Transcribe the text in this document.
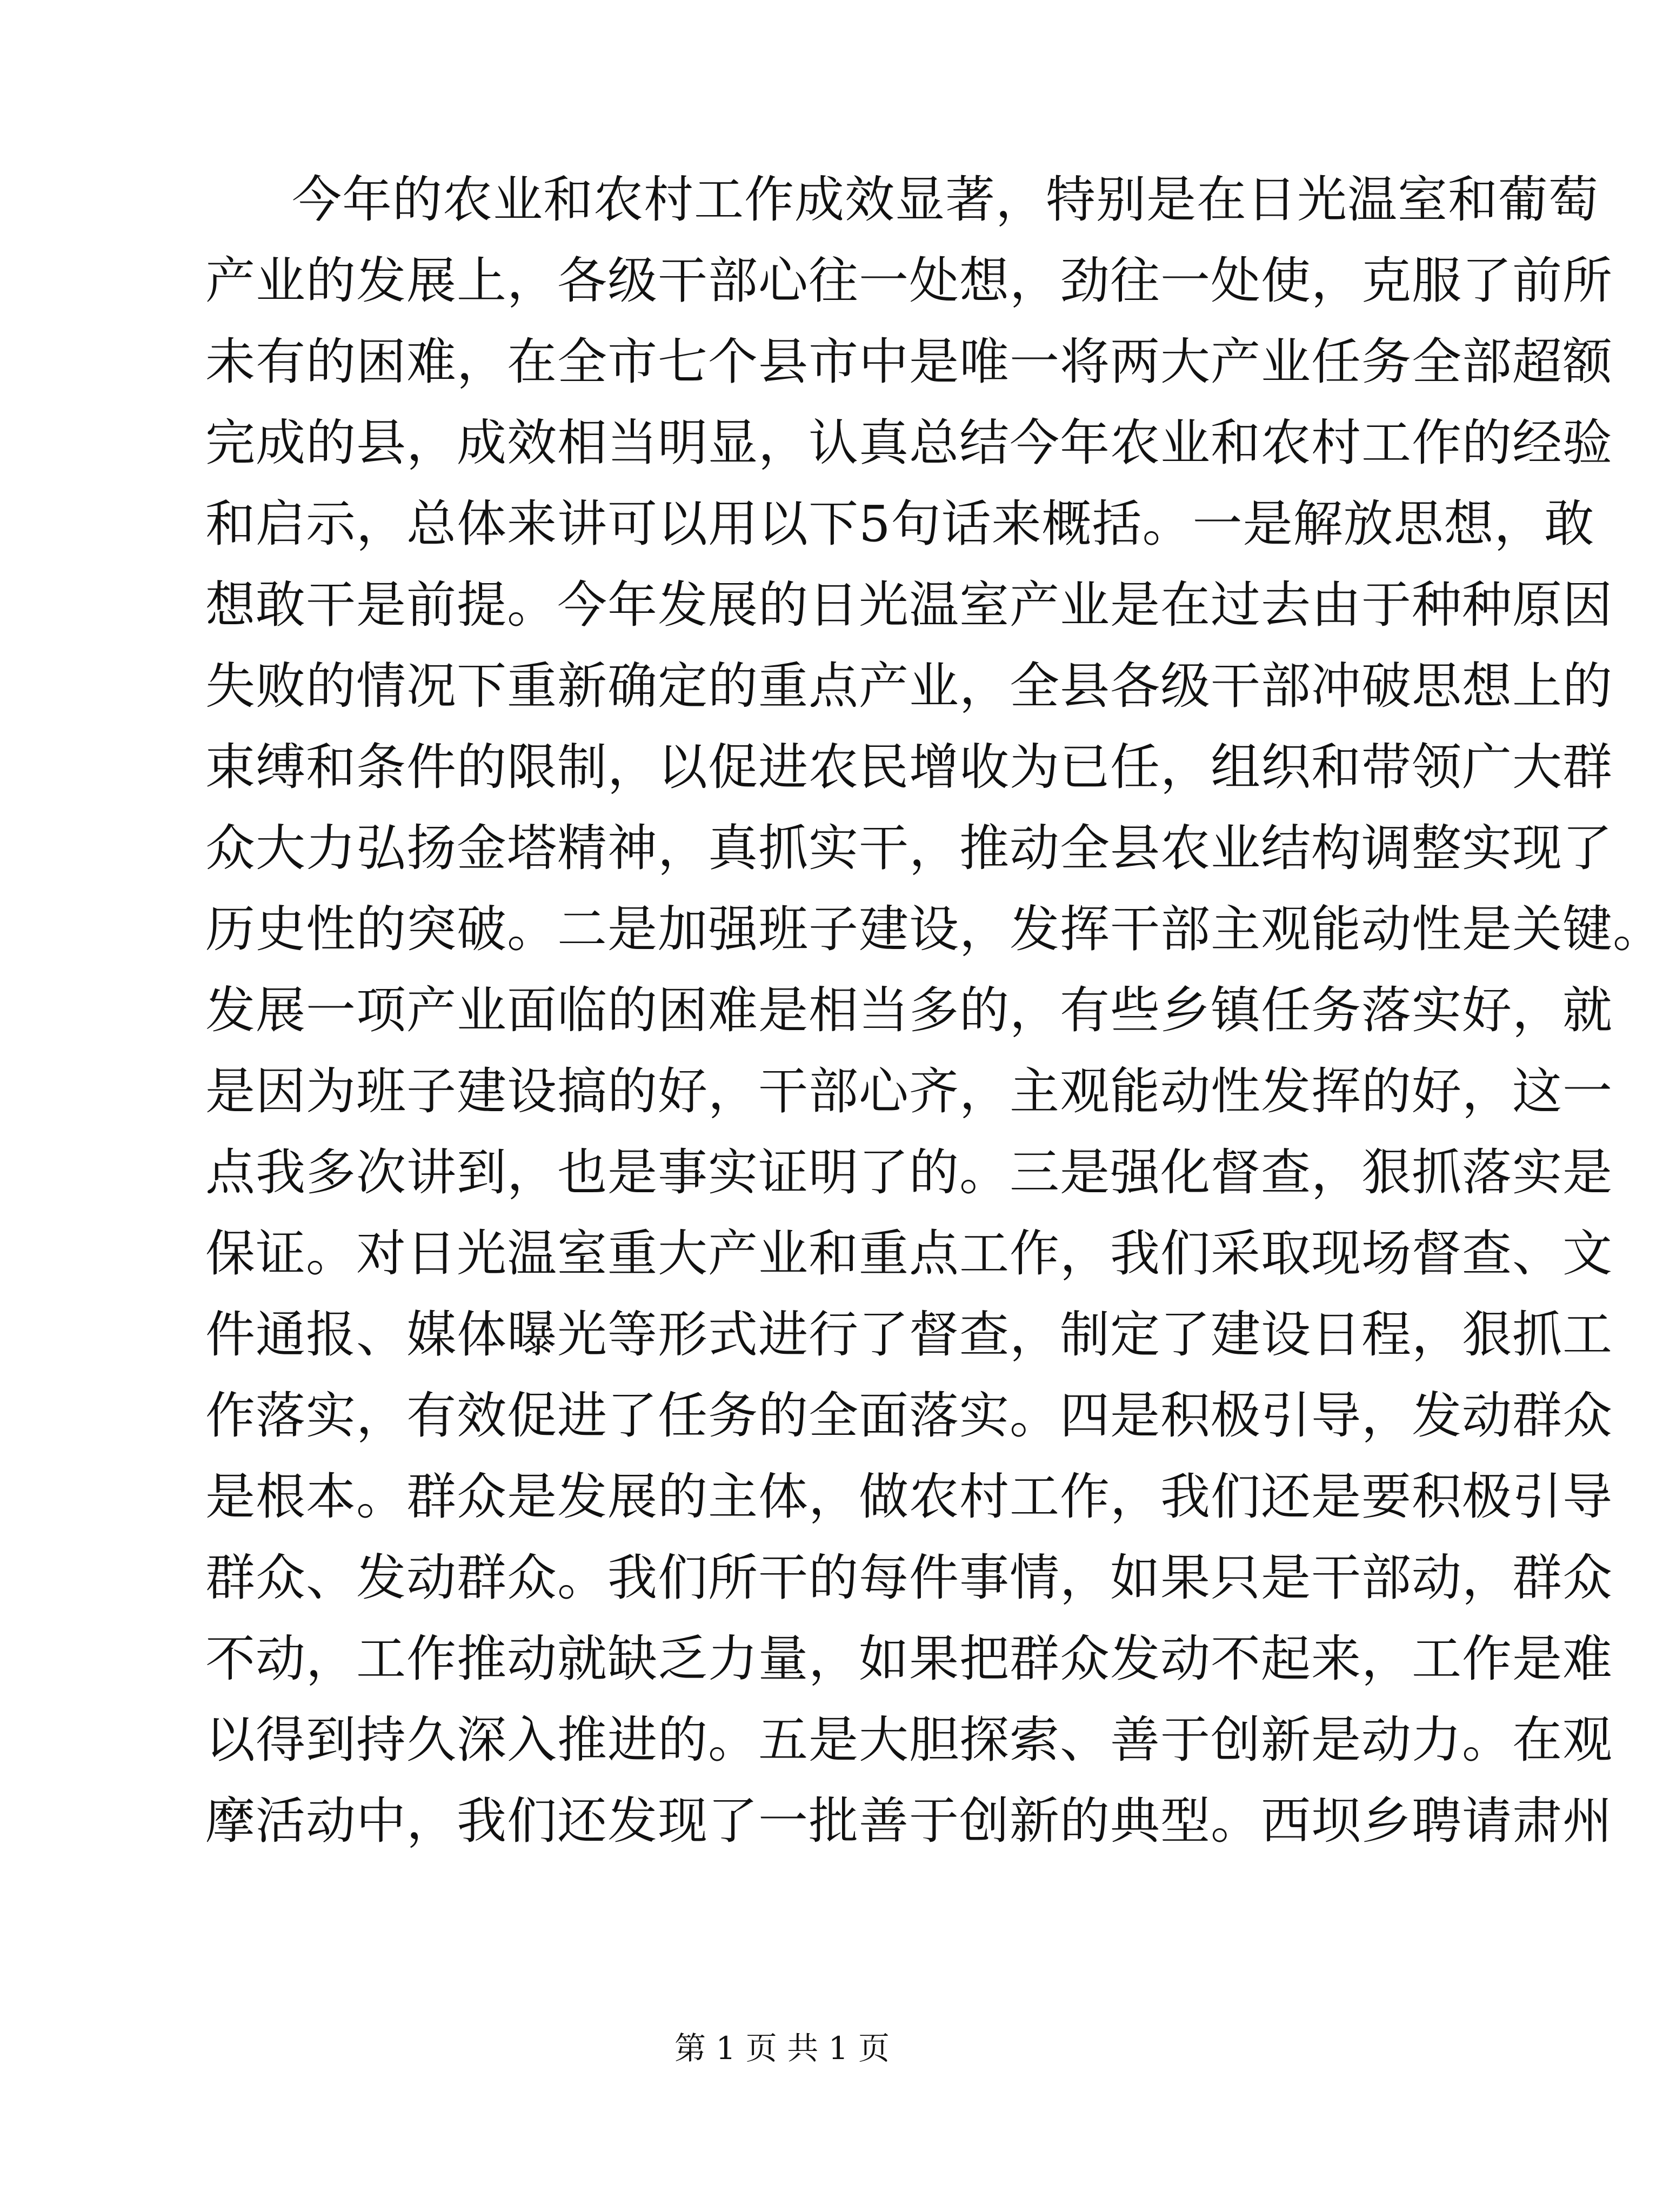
今年的农业和农村工作成效显著，特别是在日光温室和葡萄
产业的发展上，各级干部心往一处想，劲往一处使，克服了前所
未有的困难，在全市七个县市中是唯一将两大产业任务全部超额
完成的县，成效相当明显，认真总结今年农业和农村工作的经验
和启示，总体来讲可以用以下5句话来概括。一是解放思想，敢
想敢干是前提。今年发展的日光温室产业是在过去由于种种原因
失败的情况下重新确定的重点产业，全县各级干部冲破思想上的
束缚和条件的限制，以促进农民增收为已任，组织和带领广大群
众大力弘扬金塔精神，真抓实干，推动全县农业结构调整实现了
历史性的突破。二是加强班子建设，发挥干部主观能动性是关键。
发展一项产业面临的困难是相当多的，有些乡镇任务落实好，就
是因为班子建设搞的好，干部心齐，主观能动性发挥的好，这一
点我多次讲到，也是事实证明了的。三是强化督查，狠抓落实是
保证。对日光温室重大产业和重点工作，我们采取现场督查、文
件通报、媒体曝光等形式进行了督查，制定了建设日程，狠抓工
作落实，有效促进了任务的全面落实。四是积极引导，发动群众
是根本。群众是发展的主体，做农村工作，我们还是要积极引导
群众、发动群众。我们所干的每件事情，如果只是干部动，群众
不动，工作推动就缺乏力量，如果把群众发动不起来，工作是难
以得到持久深入推进的。五是大胆探索、善于创新是动力。在观
摩活动中，我们还发现了一批善于创新的典型。西坝乡聘请肃州
第 1 页 共 1 页
